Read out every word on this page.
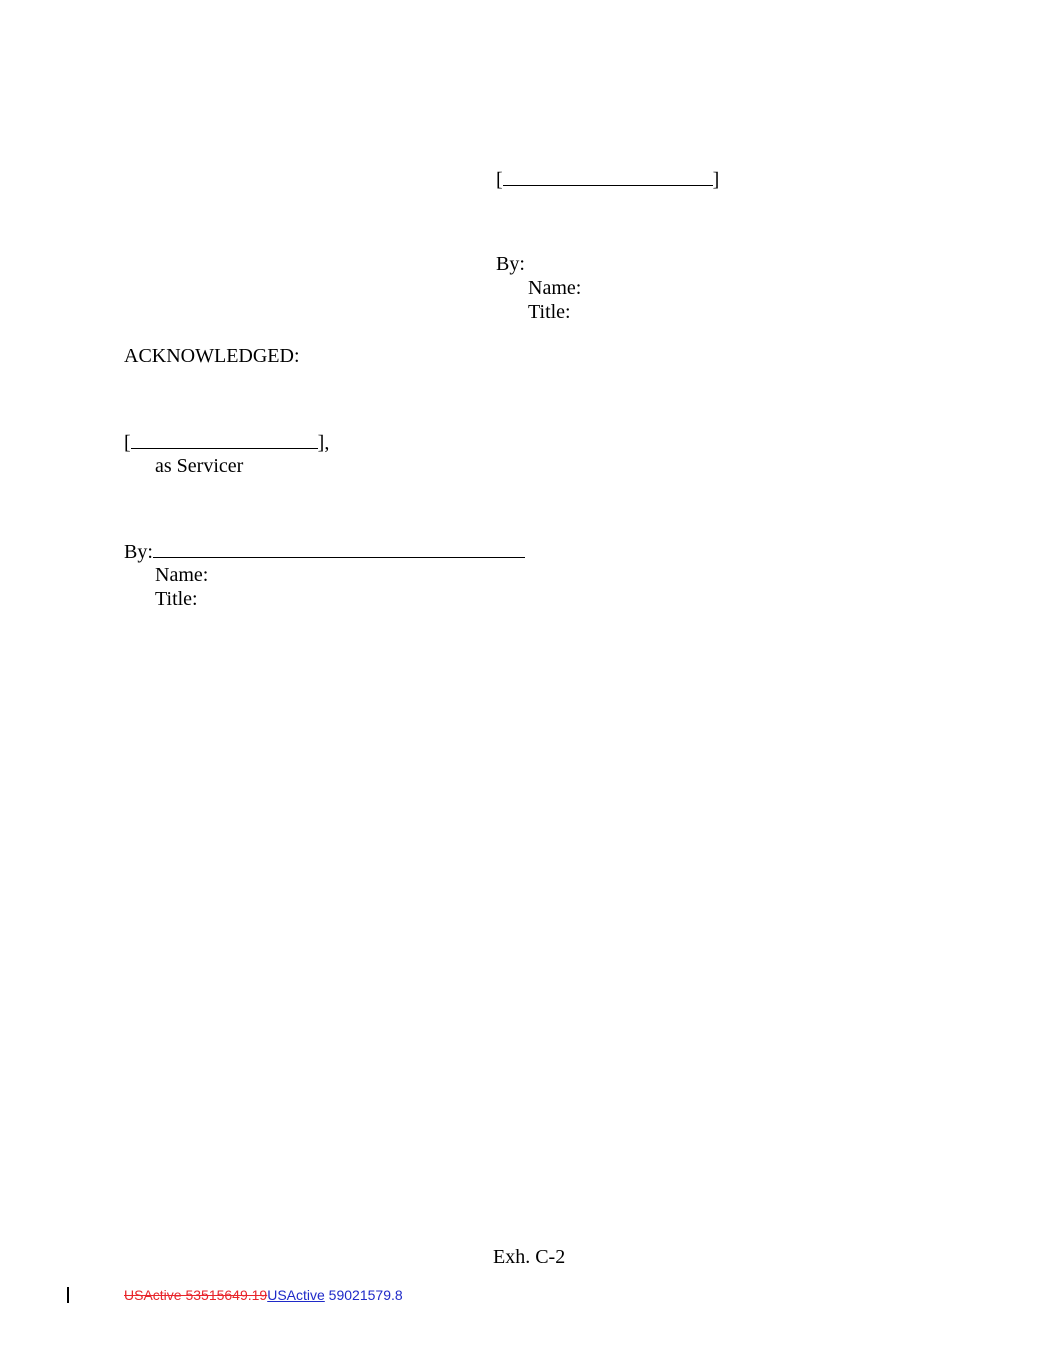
[	]
By:
Name:
Title:
ACKNOWLEDGED:
[	],
as Servicer
By:
Name:
Title:
Exh. C-2
USActive 53515649.19USActive 59021579.8
